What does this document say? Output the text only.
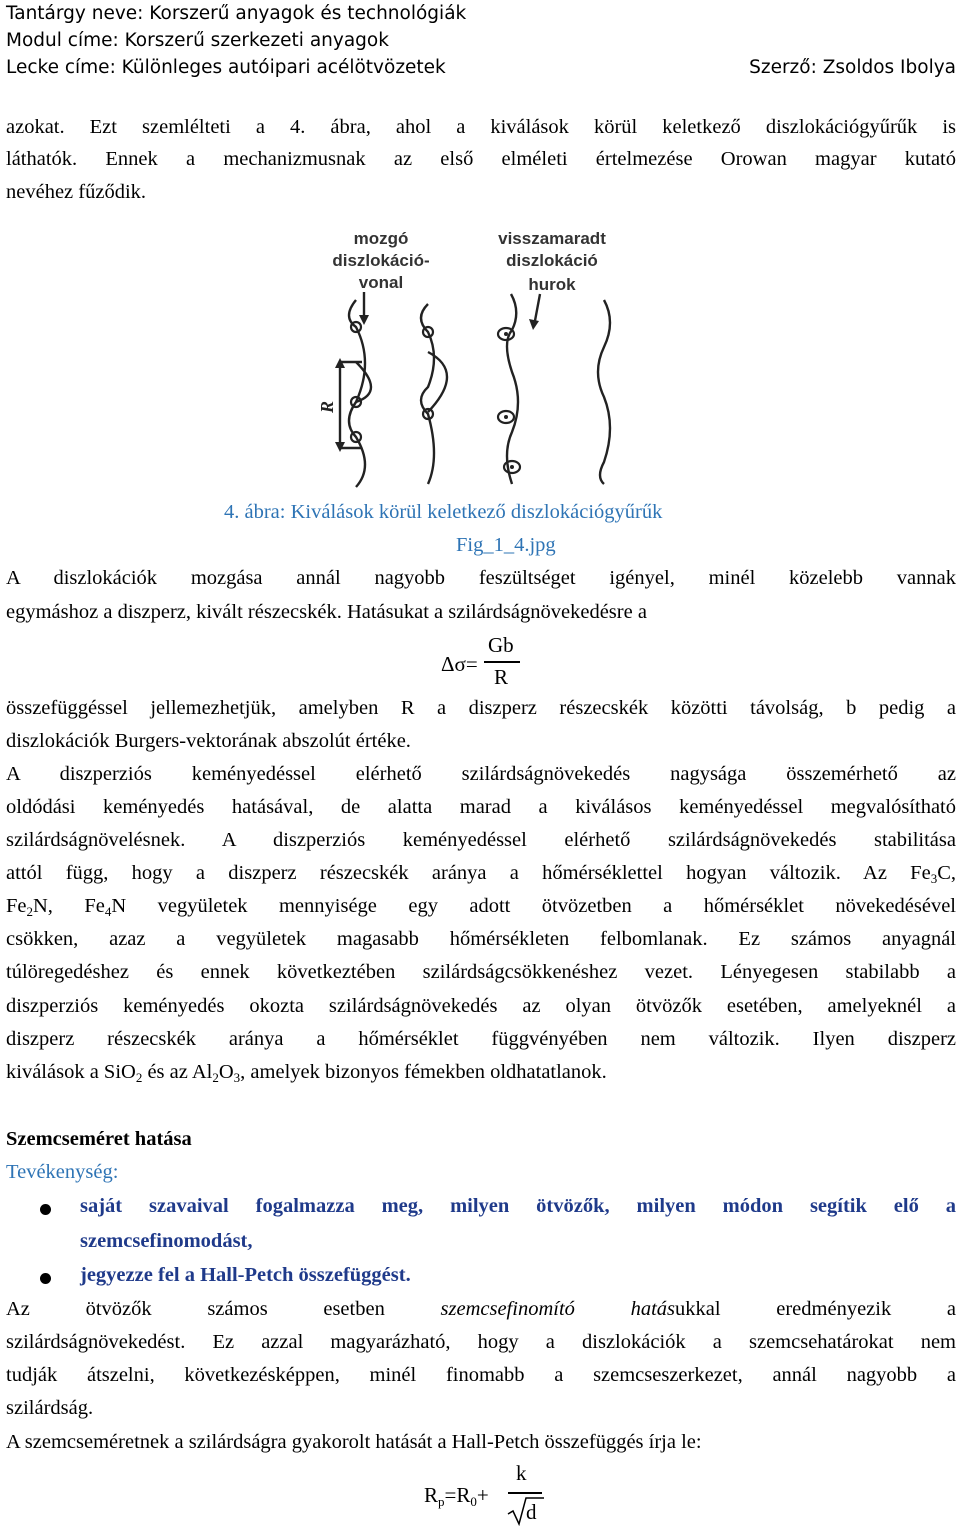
Tantárgy neve: Korszerű anyagok és technológiák
Modul címe: Korszerű szerkezeti anyagok
Lecke címe: Különleges autóipari acélötvözetek	Szerző: Zsoldos Ibolya
azokat. Ezt szemlélteti a 4. ábra, ahol a kiválások körül keletkező diszlokációgyűrűk is
láthatók. Ennek a mechanizmusnak az első elméleti értelmezése Orowan magyar kutató
nevéhez fűződik.
mozgó
diszlokáció-
vonal
visszamaradt
diszlokáció
hurok
R
4. ábra: Kiválások körül keletkező diszlokációgyűrűk
Fig_1_4.jpg
A diszlokációk mozgása annál nagyobb feszültséget igényel, minél közelebb vannak
egymáshoz a diszperz, kivált részecskék. Hatásukat a szilárdságnövekedésre a
Δσ=
Gb
R
összefüggéssel jellemezhetjük, amelyben R a diszperz részecskék közötti távolság, b pedig a
diszlokációk Burgers-vektorának abszolút értéke.
A diszperziós keményedéssel elérhető szilárdságnövekedés nagysága összemérhető az
oldódási keményedés hatásával, de alatta marad a kiválásos keményedéssel megvalósítható
szilárdságnövelésnek. A diszperziós keményedéssel elérhető szilárdságnövekedés stabilitása
attól függ, hogy a diszperz részecskék aránya a hőmérséklettel hogyan változik. Az $Fe_3C$,
$Fe_2N$, $Fe_4N$ vegyületek mennyisége egy adott ötvözetben a hőmérséklet növekedésével
csökken, azaz a vegyületek magasabb hőmérsékleten felbomlanak. Ez számos anyagnál
túlöregedéshez és ennek következtében szilárdságcsökkenéshez vezet. Lényegesen stabilabb a
diszperziós keményedés okozta szilárdságnövekedés az olyan ötvözők esetében, amelyeknél a
diszperz részecskék aránya a hőmérséklet függvényében nem változik. Ilyen diszperz
kiválások a SiO$_2$ és az $Al_2O_3$, amelyek bizonyos fémekben oldhatatlanok.
Szemcseméret hatása
Tevékenység:
saját szavaival fogalmazza meg, milyen ötvözők, milyen módon segítik elő a
szemcsefinomodást,
jegyezze fel a Hall-Petch összefüggést.
Az ötvözők számos esetben szemcsefinomító	hatásukkal eredményezik a
szilárdságnövekedést. Ez azzal magyarázható, hogy a diszlokációk a szemcsehatárokat nem
tudják átszelni, következésképpen, minél finomabb a szemcseszerkezet, annál nagyobb a
szilárdság.
A szemcseméretnek a szilárdságra gyakorolt hatását a Hall-Petch összefüggés írja le:
$R_p=R_0+$
k
d
